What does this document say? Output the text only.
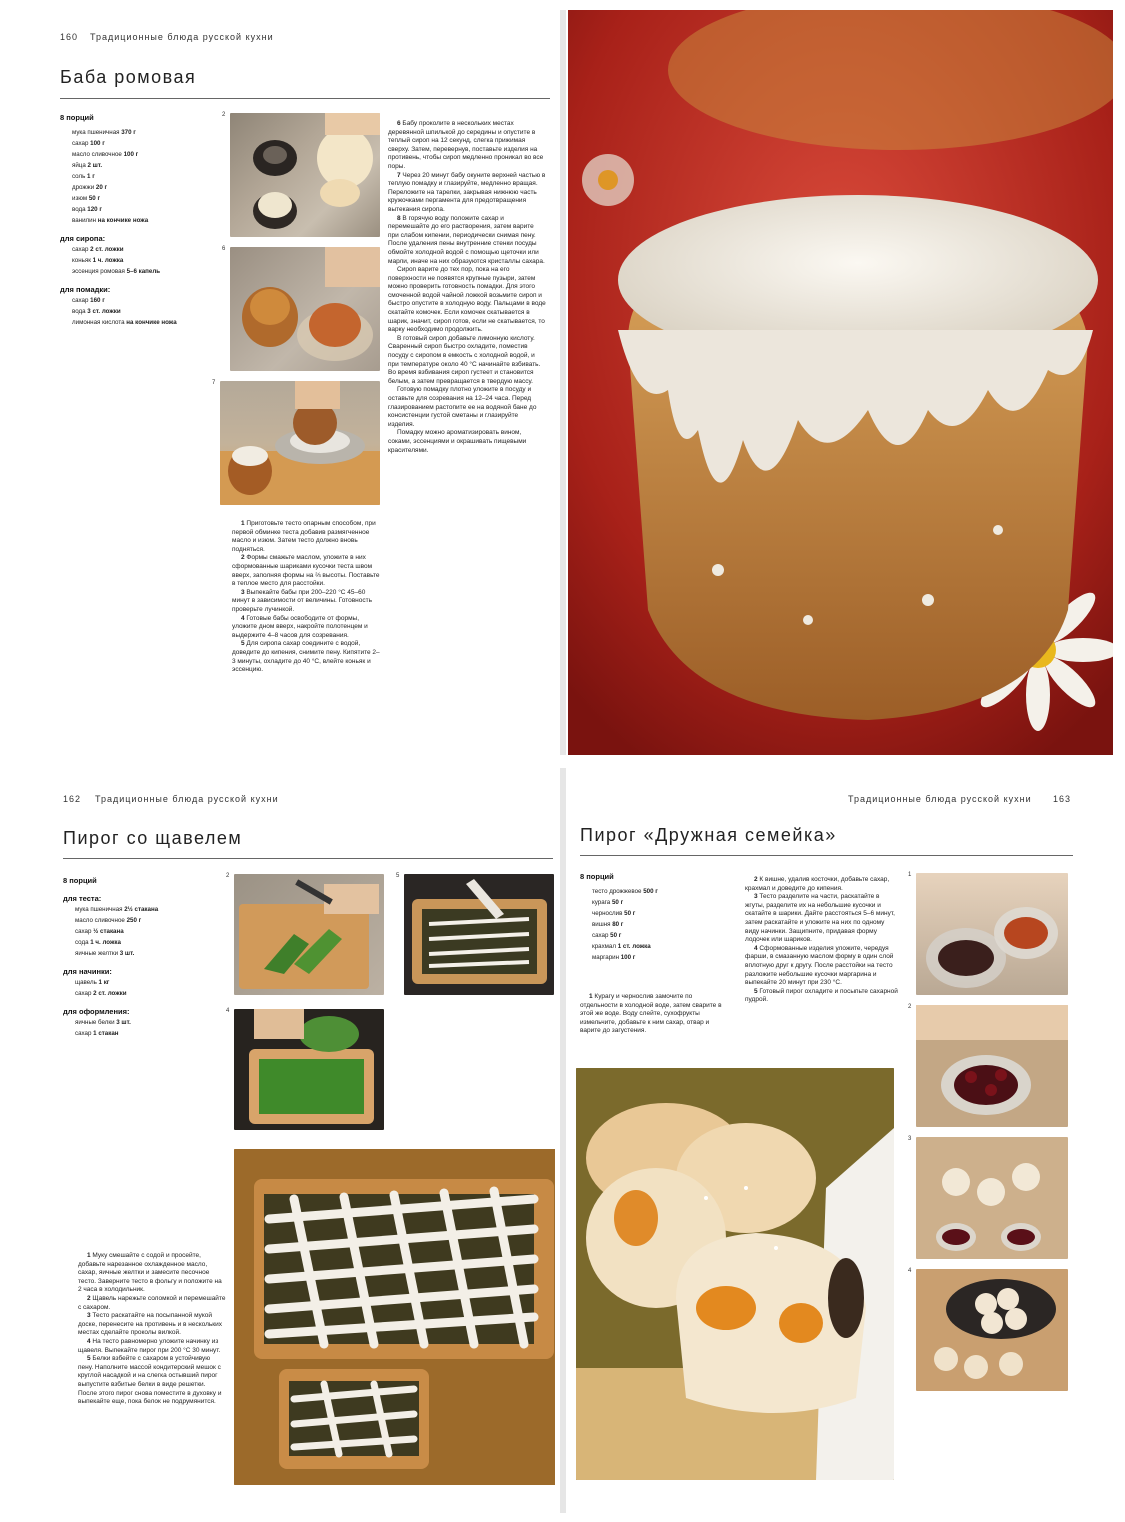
160 Традиционные блюда русской кухни

Баба ромовая
8 порций
мука пшеничная 370 г
сахар 100 г
масло сливочное 100 г
яйца 2 шт.
соль 1 г
дрожжи 20 г
изюм 50 г
вода 120 г
ванилин на кончике ножа
для сиропа:
сахар 2 ст. ложки
коньяк 1 ч. ложка
эссенция ромовая 5–6 капель
для помадки:
сахар 160 г
вода 3 ст. ложки
лимонная кислота на кончике ножа
2
6
7

1 Приготовьте тесто опарным способом, при первой обминке теста добавив размягченное масло и изюм. Затем тесто должно вновь подняться.

2 Формы смажьте маслом, уложите в них сформованные шариками кусочки теста швом вверх, заполняя формы на ⅔ высоты. Поставьте в теплое место для расстойки.

3 Выпекайте бабы при 200–220 °С 45–60 минут в зависимости от величины. Готовность проверьте лучинкой.

4 Готовые бабы освободите от формы, уложите дном вверх, накройте полотенцем и выдержите 4–8 часов для созревания.

5 Для сиропа сахар соедините с водой, доведите до кипения, снимите пену. Кипятите 2–3 минуты, охладите до 40 °С, влейте коньяк и эссенцию.

6 Бабу проколите в нескольких местах деревянной шпилькой до середины и опустите в теплый сироп на 12 секунд, слегка прижимая сверху. Затем, перевернув, поставьте изделия на противень, чтобы сироп медленно проникал во все поры.

7 Через 20 минут бабу окуните верхней частью в теплую помадку и глазируйте, медленно вращая. Переложите на тарелки, закрывая нижнюю часть кружочками пергамента для предотвращения вытекания сиропа.

8 В горячую воду положите сахар и перемешайте до его растворения, затем варите при слабом кипении, периодически снимая пену. После удаления пены внутренние стенки посуды обмойте холодной водой с помощью щеточки или марли, иначе на них образуются кристаллы сахара.

Сироп варите до тех пор, пока на его поверхности не появятся крупные пузыри, затем можно проверить готовность помадки. Для этого смоченной водой чайной ложкой возьмите сироп и быстро опустите в холодную воду. Пальцами в воде скатайте комочек. Если комочек скатывается в шарик, значит, сироп готов, если не скатывается, то варку необходимо продолжить.

В готовый сироп добавьте лимонную кислоту. Сваренный сироп быстро охладите, поместив посуду с сиропом в емкость с холодной водой, и при температуре около 40 °С начинайте взбивать. Во время взбивания сироп густеет и становится белым, а затем превращается в твердую массу.

Готовую помадку плотно уложите в посуду и оставьте для созревания на 12–24 часа. Перед глазированием растопите ее на водяной бане до консистенции густой сметаны и глазируйте изделия.

Помадку можно ароматизировать вином, соками, эссенциями и окрашивать пищевыми красителями.

162 Традиционные блюда русской кухни
Пирог со щавелем
8 порций
для теста:
мука пшеничная 2½ стакана
масло сливочное 250 г
сахар ½ стакана
сода 1 ч. ложка
яичные желтки 3 шт.
для начинки:
щавель 1 кг
сахар 2 ст. ложки
для оформления:
яичные белки 3 шт.
сахар 1 стакан
2	5
4

1 Муку смешайте с содой и просейте, добавьте нарезанное охлажденное масло, сахар, яичные желтки и замесите песочное тесто. Заверните тесто в фольгу и положите на 2 часа в холодильник.

2 Щавель нарежьте соломкой и перемешайте с сахаром.

3 Тесто раскатайте на посыпанной мукой доске, перенесите на противень и в нескольких местах сделайте проколы вилкой.

4 На тесто равномерно уложите начинку из щавеля. Выпекайте пирог при 200 °С 30 минут.

5 Белки взбейте с сахаром в устойчивую пену. Наполните массой кондитерский мешок с круглой насадкой и на слегка остывший пирог выпустите взбитые белки в виде решетки. После этого пирог снова поместите в духовку и выпекайте еще, пока белок не подрумянится.

Традиционные блюда русской кухни 163
Пирог «Дружная семейка»
8 порций
тесто дрожжевое 500 г
курага 50 г
чернослив 50 г
вишня 80 г
сахар 50 г
крахмал 1 ст. ложка
маргарин 100 г

1 Курагу и чернослив замочите по отдельности в холодной воде, затем сварите в этой же воде. Воду слейте, сухофрукты измельчите, добавьте к ним сахар, отвар и варите до загустения.

2 К вишне, удалив косточки, добавьте сахар, крахмал и доведите до кипения.

3 Тесто разделите на части, раскатайте в жгуты, разделите их на небольшие кусочки и скатайте в шарики. Дайте расстояться 5–6 минут, затем раскатайте и уложите на них по одному виду начинки. Защипните, придавая форму лодочек или шариков.

4 Сформованные изделия уложите, чередуя фарши, в смазанную маслом форму в один слой вплотную друг к другу. После расстойки на тесто разложите небольшие кусочки маргарина и выпекайте 20 минут при 230 °С.

5 Готовый пирог охладите и посыпьте сахарной пудрой.

1
2
3
4
